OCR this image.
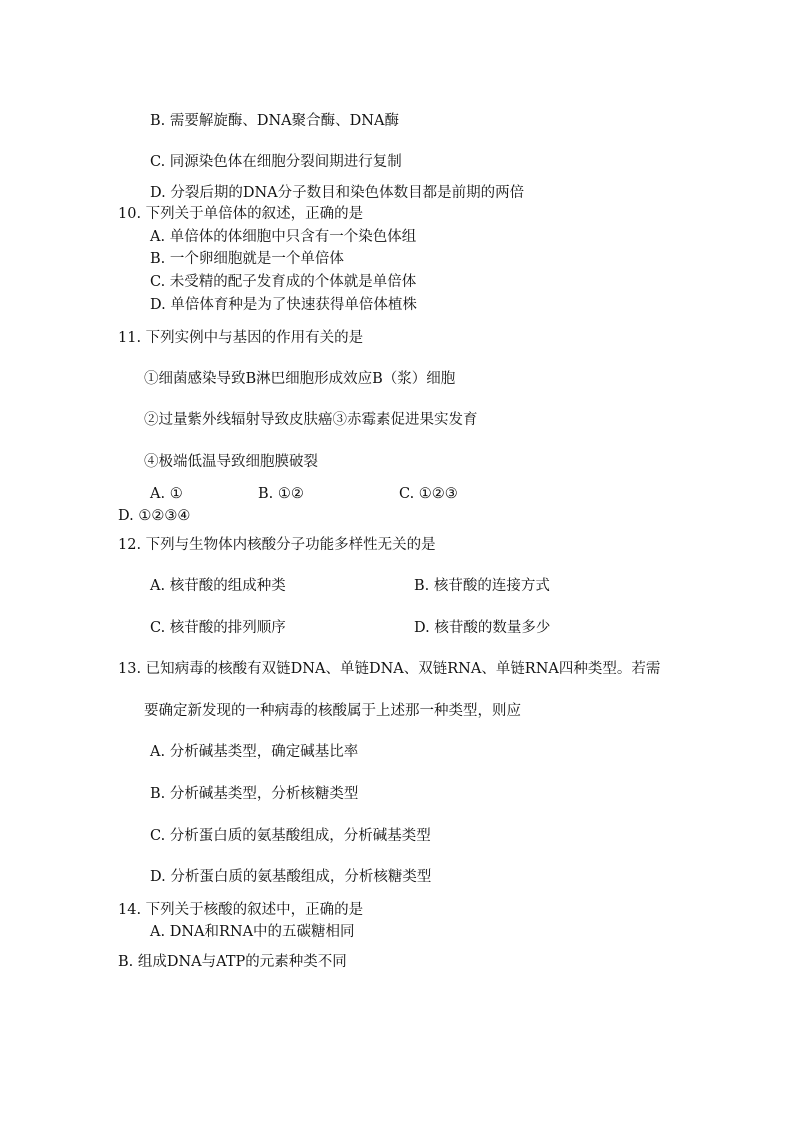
B. 需要解旋酶、DNA聚合酶、DNA酶
C. 同源染色体在细胞分裂间期进行复制
D. 分裂后期的DNA分子数目和染色体数目都是前期的两倍
10. 下列关于单倍体的叙述，正确的是
A. 单倍体的体细胞中只含有一个染色体组
B. 一个卵细胞就是一个单倍体
C. 未受精的配子发育成的个体就是单倍体
D. 单倍体育种是为了快速获得单倍体植株
11. 下列实例中与基因的作用有关的是
①细菌感染导致B淋巴细胞形成效应B（浆）细胞
②过量紫外线辐射导致皮肤癌③赤霉素促进果实发育
④极端低温导致细胞膜破裂
A. ①	B. ①②	C. ①②③
D. ①②③④
12. 下列与生物体内核酸分子功能多样性无关的是
A. 核苷酸的组成种类	B. 核苷酸的连接方式
C. 核苷酸的排列顺序	D. 核苷酸的数量多少
13. 已知病毒的核酸有双链DNA、单链DNA、双链RNA、单链RNA四种类型。若需
要确定新发现的一种病毒的核酸属于上述那一种类型，则应
A. 分析碱基类型，确定碱基比率
B. 分析碱基类型，分析核糖类型
C. 分析蛋白质的氨基酸组成，分析碱基类型
D. 分析蛋白质的氨基酸组成，分析核糖类型
14. 下列关于核酸的叙述中，正确的是
A. DNA和RNA中的五碳糖相同
B. 组成DNA与ATP的元素种类不同
